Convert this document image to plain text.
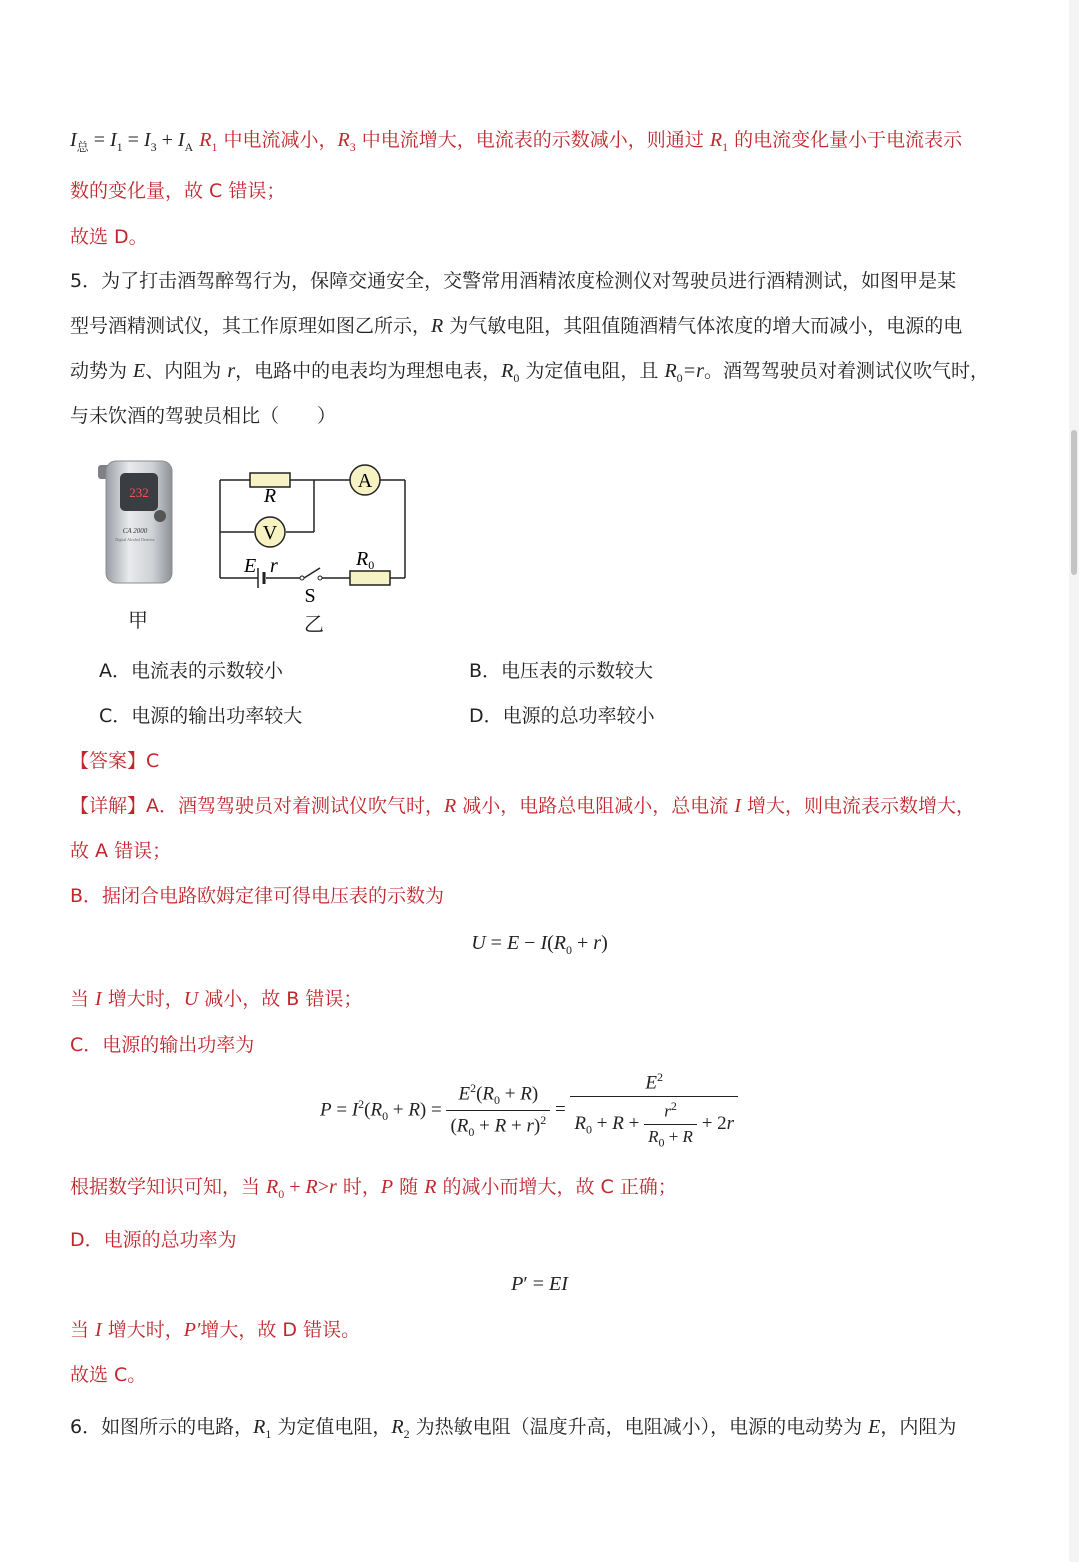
$I_总 = I_1 = I_3 + I_A$ $R_1$ 中电流减小，$R_3$ 中电流增大，电流表的示数减小，则通过 $R_1$ 的电流变化量小于电流表示
数的变化量，故 C 错误；
故选 D。
5．为了打击酒驾醉驾行为，保障交通安全，交警常用酒精浓度检测仪对驾驶员进行酒精测试，如图甲是某
型号酒精测试仪，其工作原理如图乙所示，R 为气敏电阻，其阻值随酒精气体浓度的增大而减小，电源的电
动势为 E、内阻为 r，电路中的电表均为理想电表，$R_0$ 为定值电阻，且 $R_0=r$。酒驾驾驶员对着测试仪吹气时，
与未饮酒的驾驶员相比（　　）
232
CA 2000
Digital Alcohol Detector
甲
A
V
R
E r
S
$R_0$
乙
A．电流表的示数较小	B．电压表的示数较大
C．电源的输出功率较大	D．电源的总功率较小
【答案】C
【详解】A．酒驾驾驶员对着测试仪吹气时，R 减小，电路总电阻减小，总电流 I 增大，则电流表示数增大，
故 A 错误；
B．据闭合电路欧姆定律可得电压表的示数为
$U = E - I(R_0 + r)$
当 I 增大时，U 减小，故 B 错误；
C．电源的输出功率为
$P = I^2(R_0 + R) = \frac{E^2(R_0 + R)}{(R_0 + R + r)^2} = \frac{E^2}{R_0 + R + \frac{r^2}{R_0 + R} + 2r}$
根据数学知识可知，当 $R_0 + R>r$ 时，P 随 R 的减小而增大，故 C 正确；
D．电源的总功率为
P′ = EI
当 I 增大时，P′增大，故 D 错误。
故选 C。
6．如图所示的电路，$R_1$ 为定值电阻，$R_2$ 为热敏电阻（温度升高，电阻减小），电源的电动势为 E，内阻为
